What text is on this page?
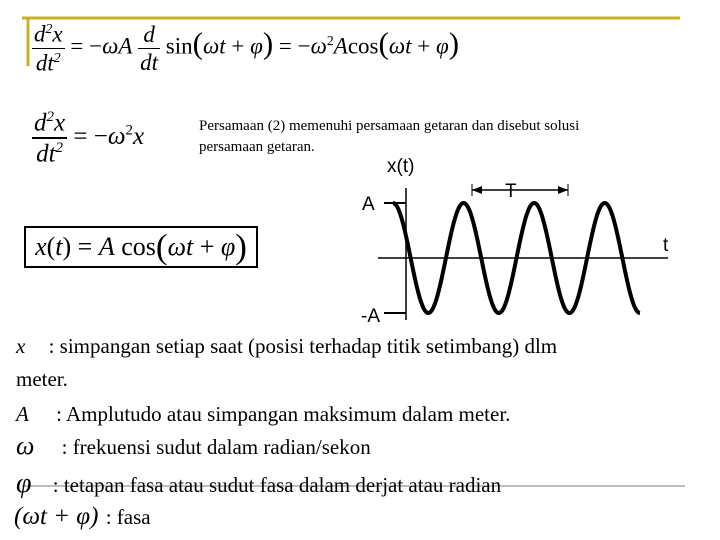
$\frac{d^2x}{dt^2} = -\omega A \frac{d}{dt} \sin(\omega t + \varphi) = -\omega^2Acos(\omega t + \varphi)$
$\frac{d^2x}{dt^2} = -\omega^2x$	Persamaan (2) memenuhi persamaan getaran dan disebut solusi
persamaan getaran.
x ( t ) = A cos ( ωt + φ )
x(t)
T
t
A
-A
x : simpangan setiap saat (posisi terhadap titik setimbang) dlm
meter.
A : Amplutudo atau simpangan maksimum dalam meter.
ω : frekuensi sudut dalam radian/sekon
φ : tetapan fasa atau sudut fasa dalam derjat atau radian
(ωt + φ) : fasa
